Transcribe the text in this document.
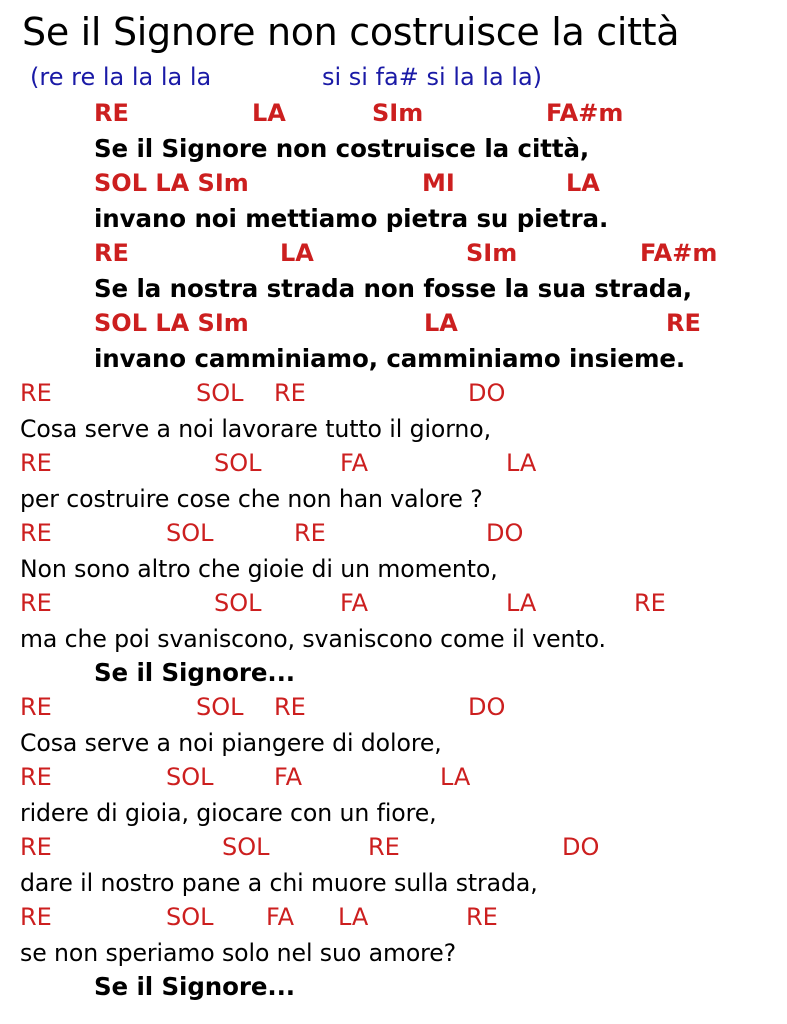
Se il Signore non costruisce la città
(re re la la la la	si si fa# si la la la)
RE	LA	SIm	FA#m
Se il Signore non costruisce la città,
SOL LA SIm	MI	LA
invano noi mettiamo pietra su pietra.
RE	LA	SIm	FA#m
Se la nostra strada non fosse la sua strada,
SOL LA SIm	LA	RE
invano camminiamo, camminiamo insieme.
RE	SOL RE	DO
Cosa serve a noi lavorare tutto il giorno,
RE	SOL	FA	LA
per costruire cose che non han valore ?
RE	SOL	RE	DO
Non sono altro che gioie di un momento,
RE	SOL	FA	LA	RE
ma che poi svaniscono, svaniscono come il vento.
Se il Signore...
RE	SOL RE	DO
Cosa serve a noi piangere di dolore,
RE	SOL	FA	LA
ridere di gioia, giocare con un fiore,
RE	SOL	RE	DO
dare il nostro pane a chi muore sulla strada,
RE	SOL FA LA	RE
se non speriamo solo nel suo amore?
Se il Signore...
